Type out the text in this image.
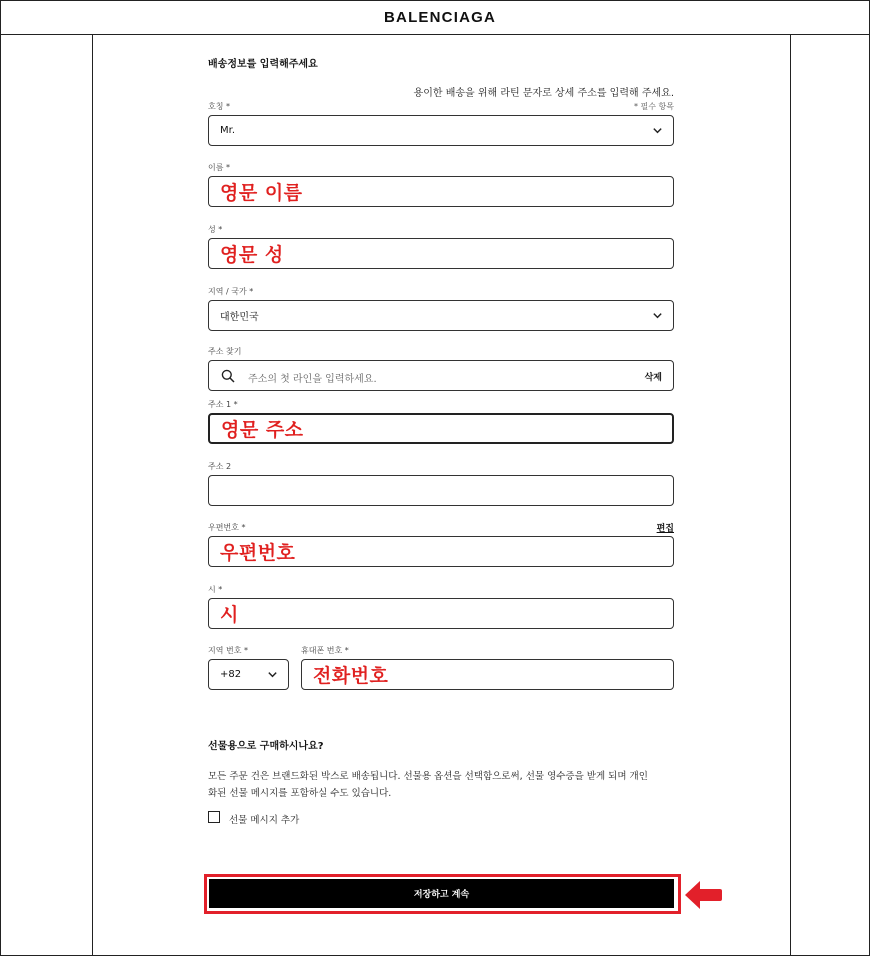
BALENCIAGA
배송정보를 입력해주세요
용이한 배송을 위해 라틴 문자로 상세 주소를 입력해 주세요.
* 필수 항목
호칭 *
Mr.
이름 *
영문 이름
성 *
영문 성
지역 / 국가 *
대한민국
주소 찾기
주소의 첫 라인을 입력하세요.	삭제
주소 1 *
영문 주소
주소 2
우편번호 *	편집
우편번호
시 *
시
지역 번호 *
+82
휴대폰 번호 *
전화번호
선물용으로 구매하시나요?
모든 주문 건은 브랜드화된 박스로 배송됩니다. 선물용 옵션을 선택함으로써, 선물 영수증을 받게 되며 개인
화된 선물 메시지를 포함하실 수도 있습니다.
선물 메시지 추가
저장하고 계속
